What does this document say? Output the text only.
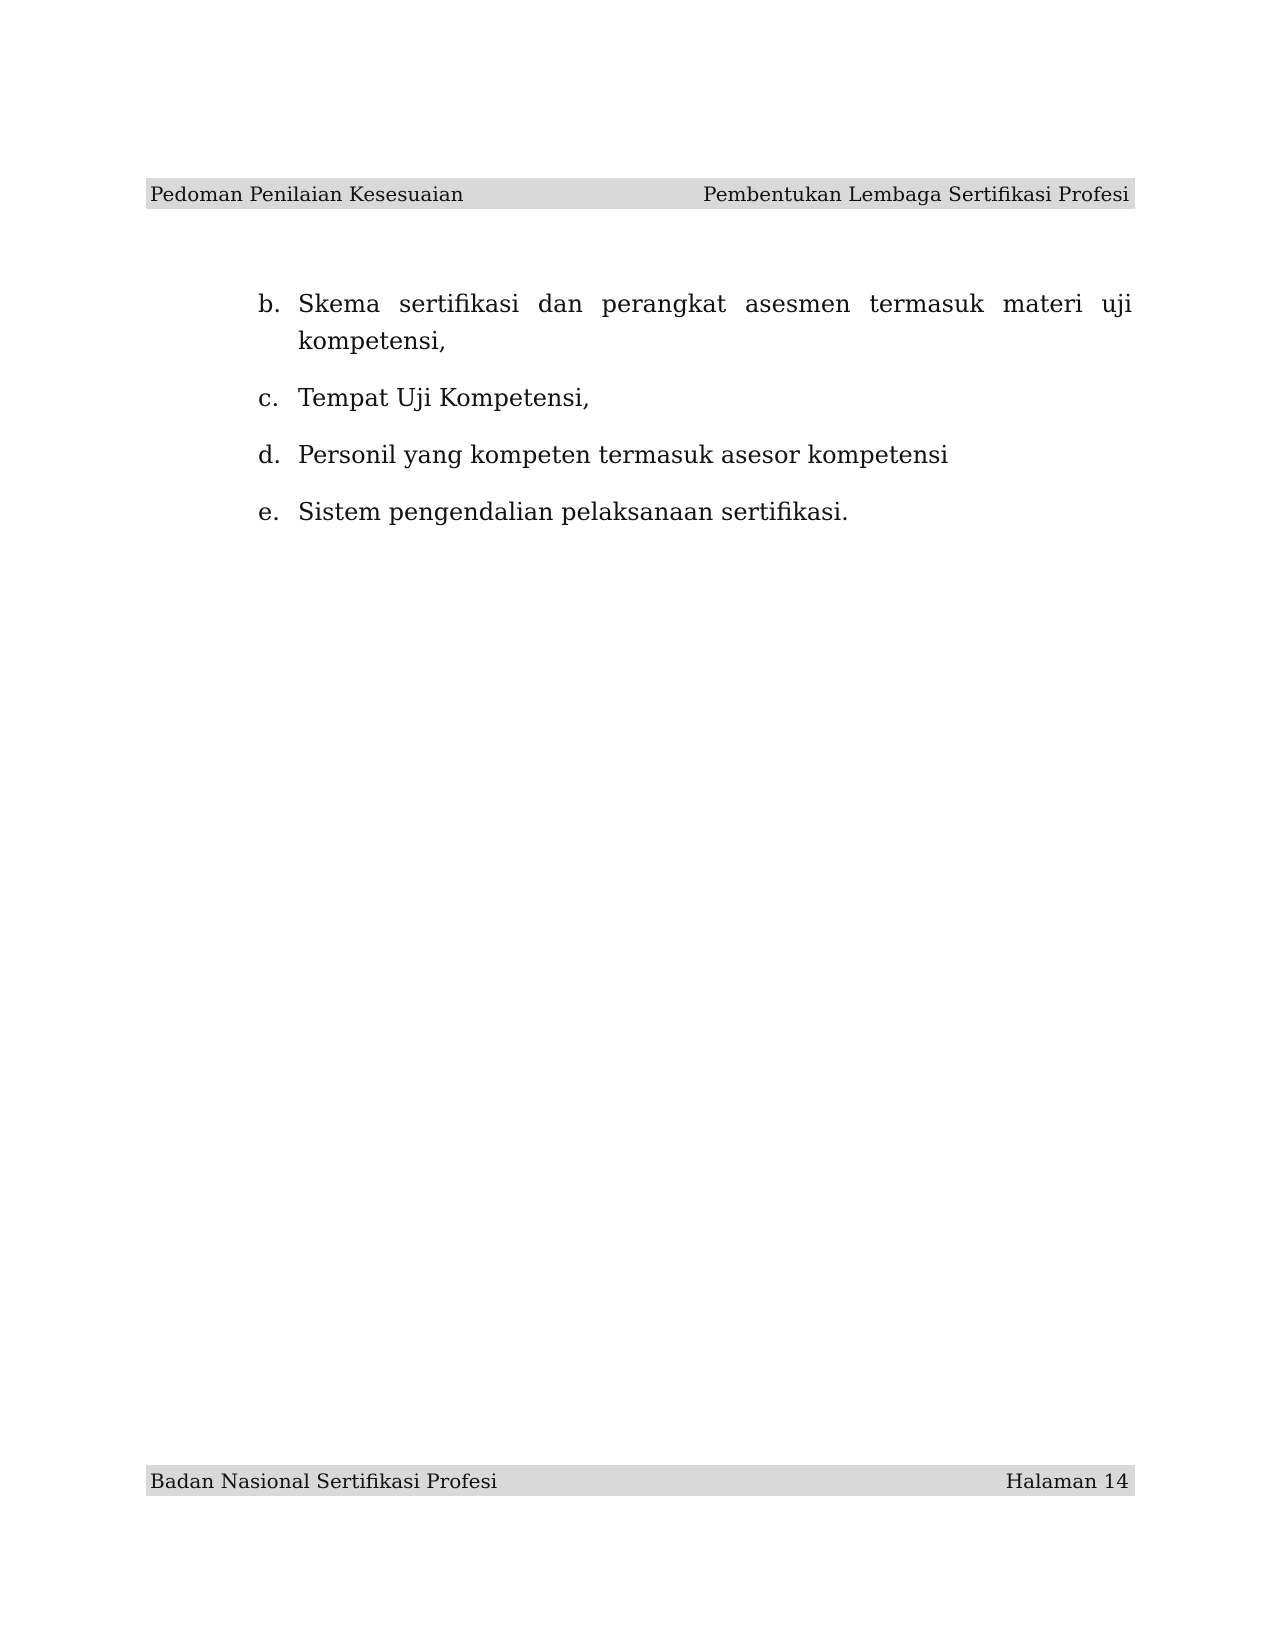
Pedoman Penilaian Kesesuaian	Pembentukan Lembaga Sertifikasi Profesi
b. Skema sertifikasi dan perangkat asesmen termasuk materi uji kompetensi,
c. Tempat Uji Kompetensi,
d. Personil yang kompeten termasuk asesor kompetensi
e. Sistem pengendalian pelaksanaan sertifikasi.
Badan Nasional Sertifikasi Profesi	Halaman 14
